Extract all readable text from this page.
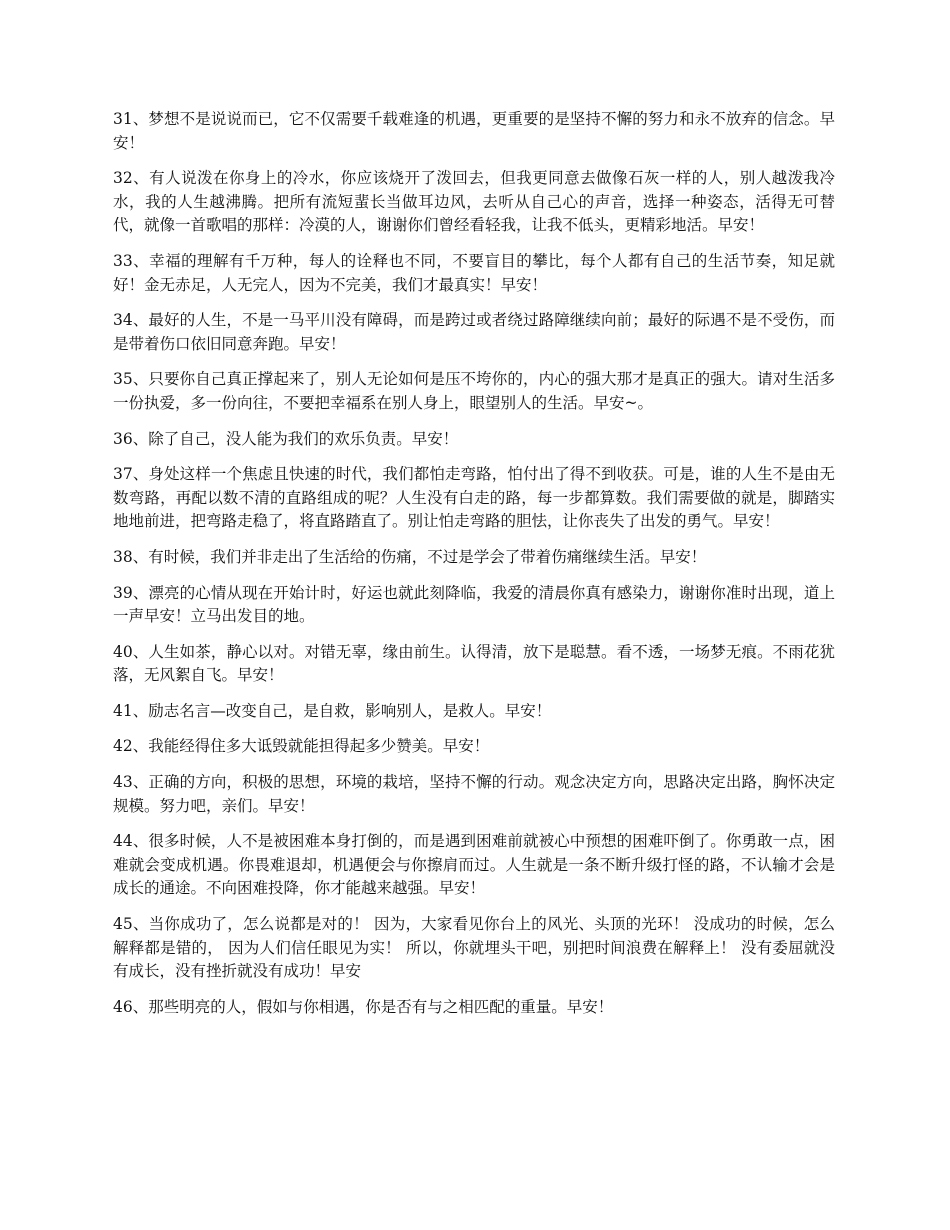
31、梦想不是说说而已，它不仅需要千载难逢的机遇，更重要的是坚持不懈的努力和永不放弃的信念。早安！

32、有人说泼在你身上的冷水，你应该烧开了泼回去，但我更同意去做像石灰一样的人，别人越泼我冷水，我的人生越沸腾。把所有流短蜚长当做耳边风，去听从自己心的声音，选择一种姿态，活得无可替代，就像一首歌唱的那样：冷漠的人，谢谢你们曾经看轻我，让我不低头，更精彩地活。早安！

33、幸福的理解有千万种，每人的诠释也不同，不要盲目的攀比，每个人都有自己的生活节奏，知足就好！金无赤足，人无完人，因为不完美，我们才最真实！早安！

34、最好的人生，不是一马平川没有障碍，而是跨过或者绕过路障继续向前；最好的际遇不是不受伤，而是带着伤口依旧同意奔跑。早安！

35、只要你自己真正撑起来了，别人无论如何是压不垮你的，内心的强大那才是真正的强大。请对生活多一份执爱，多一份向往，不要把幸福系在别人身上，眼望别人的生活。早安~。

36、除了自己，没人能为我们的欢乐负责。早安！

37、身处这样一个焦虑且快速的时代，我们都怕走弯路，怕付出了得不到收获。可是，谁的人生不是由无数弯路，再配以数不清的直路组成的呢？人生没有白走的路，每一步都算数。我们需要做的就是，脚踏实地地前进，把弯路走稳了，将直路踏直了。别让怕走弯路的胆怯，让你丧失了出发的勇气。早安！

38、有时候，我们并非走出了生活给的伤痛，不过是学会了带着伤痛继续生活。早安！

39、漂亮的心情从现在开始计时，好运也就此刻降临，我爱的清晨你真有感染力，谢谢你准时出现，道上一声早安！立马出发目的地。

40、人生如茶，静心以对。对错无辜，缘由前生。认得清，放下是聪慧。看不透，一场梦无痕。不雨花犹落，无风絮自飞。早安！

41、励志名言—改变自己，是自救，影响别人，是救人。早安！

42、我能经得住多大诋毁就能担得起多少赞美。早安！

43、正确的方向，积极的思想，环境的栽培，坚持不懈的行动。观念决定方向，思路决定出路，胸怀决定规模。努力吧，亲们。早安！

44、很多时候，人不是被困难本身打倒的，而是遇到困难前就被心中预想的困难吓倒了。你勇敢一点，困难就会变成机遇。你畏难退却，机遇便会与你擦肩而过。人生就是一条不断升级打怪的路，不认输才会是成长的通途。不向困难投降，你才能越来越强。早安！

45、当你成功了，怎么说都是对的！ 因为，大家看见你台上的风光、头顶的光环！ 没成功的时候，怎么解释都是错的， 因为人们信任眼见为实！ 所以，你就埋头干吧，别把时间浪费在解释上！ 没有委屈就没有成长，没有挫折就没有成功！早安

46、那些明亮的人，假如与你相遇，你是否有与之相匹配的重量。早安！
